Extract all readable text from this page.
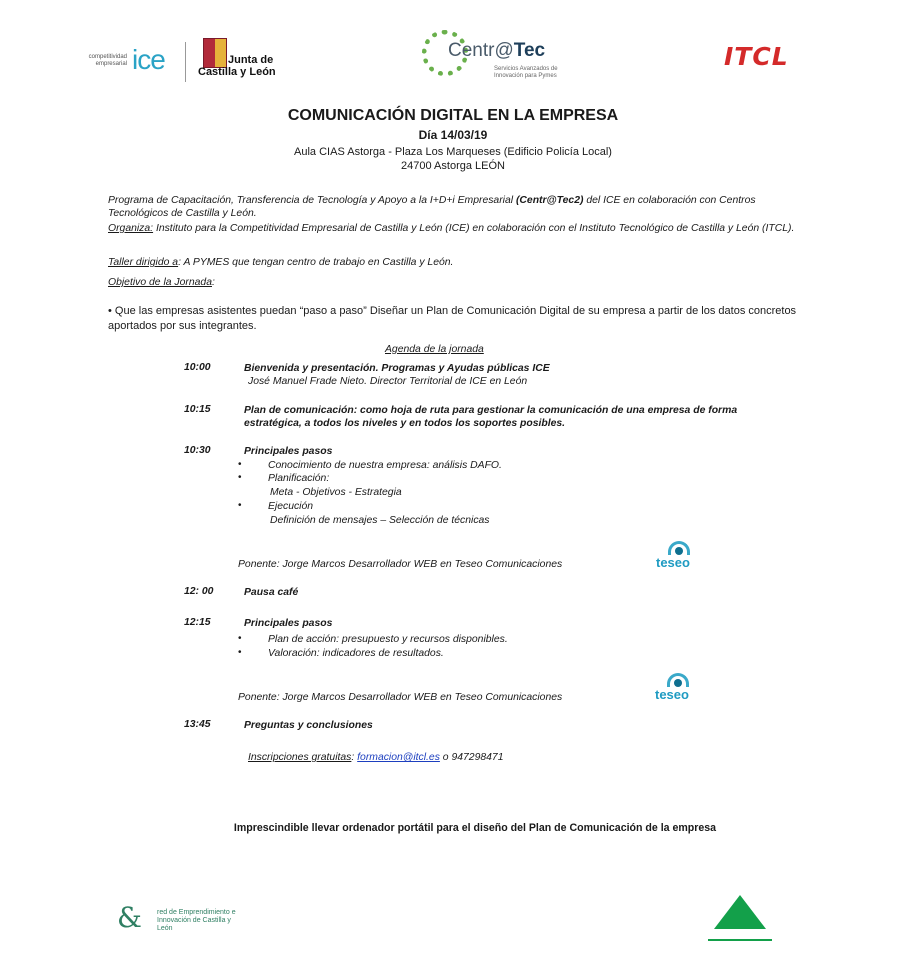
competitividad empresarial ice	Junta de
Castilla y León
Centr@Tec
Servicios Avanzados de Innovación para Pymes
ITCL
COMUNICACIÓN DIGITAL EN LA EMPRESA
Día 14/03/19
Aula CIAS Astorga - Plaza Los Marqueses (Edificio Policía Local)
24700 Astorga LEÓN
Programa de Capacitación, Transferencia de Tecnología y Apoyo a la I+D+i Empresarial (Centr@Tec2) del ICE en colaboración con Centros Tecnológicos de Castilla y León.
Organiza: Instituto para la Competitividad Empresarial de Castilla y León (ICE) en colaboración con el Instituto Tecnológico de Castilla y León (ITCL).
Taller dirigido a: A PYMES que tengan centro de trabajo en Castilla y León.
Objetivo de la Jornada:
• Que las empresas asistentes puedan “paso a paso” Diseñar un Plan de Comunicación Digital de su empresa a partir de los datos concretos aportados por sus integrantes.
Agenda de la jornada
10:00	Bienvenida y presentación. Programas y Ayudas públicas ICE
José Manuel Frade Nieto. Director Territorial de ICE en León
10:15	Plan de comunicación: como hoja de ruta para gestionar la comunicación de una empresa de forma estratégica, a todos los niveles y en todos los soportes posibles.
10:30	Principales pasos
•	Conocimiento de nuestra empresa: análisis DAFO.
•	Planificación:
Meta - Objetivos - Estrategia
•	Ejecución
Definición de mensajes – Selección de técnicas
Ponente: Jorge Marcos Desarrollador WEB en Teseo Comunicaciones	teseo
12: 00	Pausa café
12:15	Principales pasos
•	Plan de acción: presupuesto y recursos disponibles.
•	Valoración: indicadores de resultados.
Ponente: Jorge Marcos Desarrollador WEB en Teseo Comunicaciones	teseo
13:45	Preguntas y conclusiones
Inscripciones gratuitas: formacion@itcl.es o 947298471
Imprescindible llevar ordenador portátil para el diseño del Plan de Comunicación de la empresa
& red de Emprendimiento e Innovación de Castilla y León
